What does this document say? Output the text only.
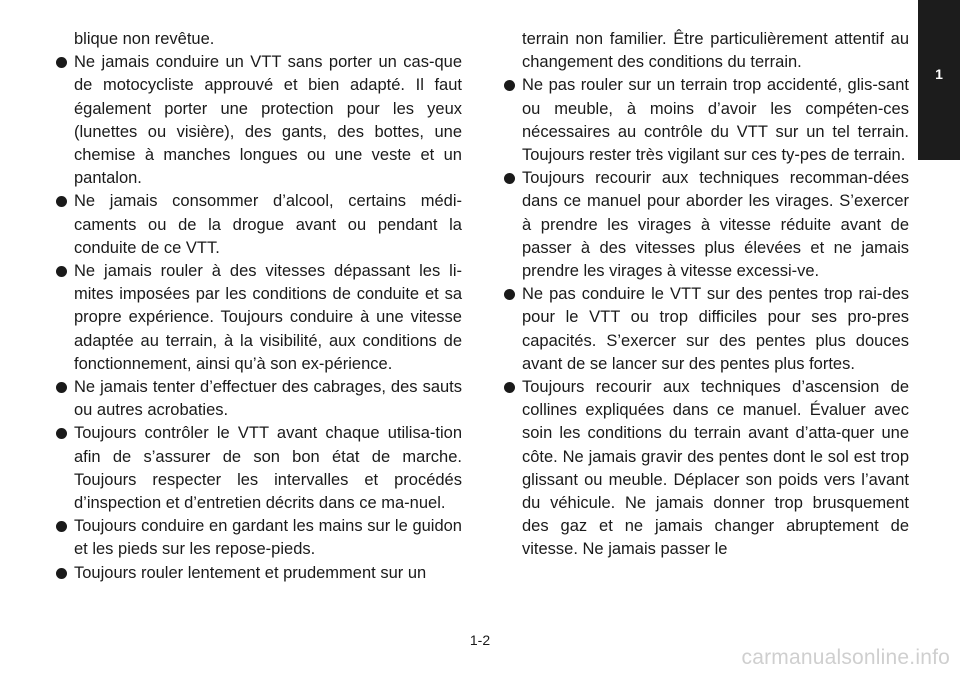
blique non revêtue.

Ne jamais conduire un VTT sans porter un cas-que de motocycliste approuvé et bien adapté. Il faut également porter une protection pour les yeux (lunettes ou visière), des gants, des bottes, une chemise à manches longues ou une veste et un pantalon.
Ne jamais consommer d’alcool, certains médi-caments ou de la drogue avant ou pendant la conduite de ce VTT.
Ne jamais rouler à des vitesses dépassant les li-mites imposées par les conditions de conduite et sa propre expérience. Toujours conduire à une vitesse adaptée au terrain, à la visibilité, aux conditions de fonctionnement, ainsi qu’à son ex-périence.
Ne jamais tenter d’effectuer des cabrages, des sauts ou autres acrobaties.
Toujours contrôler le VTT avant chaque utilisa-tion afin de s’assurer de son bon état de marche. Toujours respecter les intervalles et procédés d’inspection et d’entretien décrits dans ce ma-nuel.
Toujours conduire en gardant les mains sur le guidon et les pieds sur les repose-pieds.
Toujours rouler lentement et prudemment sur un

terrain non familier. Être particulièrement attentif au changement des conditions du terrain.

Ne pas rouler sur un terrain trop accidenté, glis-sant ou meuble, à moins d’avoir les compéten-ces nécessaires au contrôle du VTT sur un tel terrain. Toujours rester très vigilant sur ces ty-pes de terrain.
Toujours recourir aux techniques recomman-dées dans ce manuel pour aborder les virages. S’exercer à prendre les virages à vitesse réduite avant de passer à des vitesses plus élevées et ne jamais prendre les virages à vitesse excessi-ve.
Ne pas conduire le VTT sur des pentes trop rai-des pour le VTT ou trop difficiles pour ses pro-pres capacités. S’exercer sur des pentes plus douces avant de se lancer sur des pentes plus fortes.
Toujours recourir aux techniques d’ascension de collines expliquées dans ce manuel. Évaluer avec soin les conditions du terrain avant d’atta-quer une côte. Ne jamais gravir des pentes dont le sol est trop glissant ou meuble. Déplacer son poids vers l’avant du véhicule. Ne jamais donner trop brusquement des gaz et ne jamais changer abruptement de vitesse. Ne jamais passer le
1
1-2
carmanualsonline.info
